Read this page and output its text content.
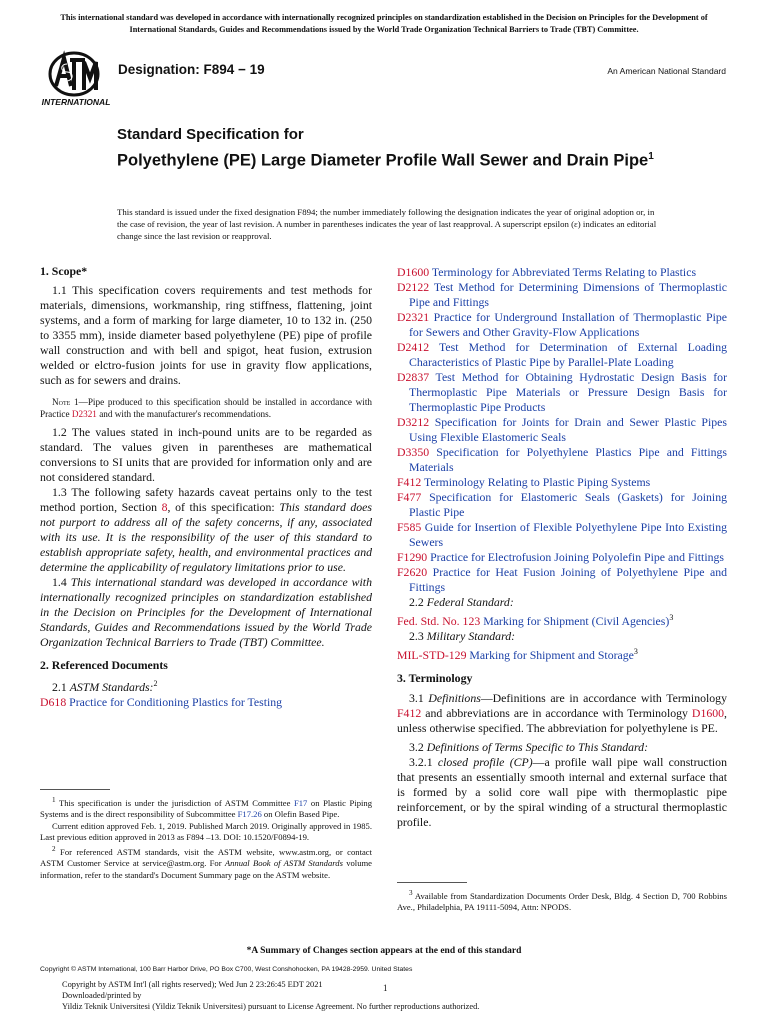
This international standard was developed in accordance with internationally recognized principles on standardization established in the Decision on Principles for the Development of International Standards, Guides and Recommendations issued by the World Trade Organization Technical Barriers to Trade (TBT) Committee.
INTERNATIONAL
Designation: F894 − 19	An American National Standard
Standard Specification for
Polyethylene (PE) Large Diameter Profile Wall Sewer and Drain Pipe$^1$
This standard is issued under the fixed designation F894; the number immediately following the designation indicates the year of original adoption or, in the case of revision, the year of last revision. A number in parentheses indicates the year of last reapproval. A superscript epsilon (ε) indicates an editorial change since the last revision or reapproval.

1. Scope*

1.1 This specification covers requirements and test methods for materials, dimensions, workmanship, ring stiffness, flattening, joint systems, and a form of marking for large diameter, 10 to 132 in. (250 to 3355 mm), inside diameter based polyethylene (PE) pipe of profile wall construction and with bell and spigot, heat fusion, extrusion welded or elctro-fusion joints for use in gravity flow applications, such as for sewers and drains.

Note 1—Pipe produced to this specification should be installed in accordance with Practice D2321 and with the manufacturer's recommendations.

1.2 The values stated in inch-pound units are to be regarded as standard. The values given in parentheses are mathematical conversions to SI units that are provided for information only and are not considered standard.

1.3 The following safety hazards caveat pertains only to the test method portion, Section 8, of this specification: This standard does not purport to address all of the safety concerns, if any, associated with its use. It is the responsibility of the user of this standard to establish appropriate safety, health, and environmental practices and determine the applicability of regulatory limitations prior to use.

1.4 This international standard was developed in accordance with internationally recognized principles on standardization established in the Decision on Principles for the Development of International Standards, Guides and Recommendations issued by the World Trade Organization Technical Barriers to Trade (TBT) Committee.

2. Referenced Documents

2.1 ASTM Standards:$^2$

D618 Practice for Conditioning Plastics for Testing

$^1$ This specification is under the jurisdiction of ASTM Committee F17 on Plastic Piping Systems and is the direct responsibility of Subcommittee F17.26 on Olefin Based Pipe.

Current edition approved Feb. 1, 2019. Published March 2019. Originally approved in 1985. Last previous edition approved in 2013 as F894 –13. DOI: 10.1520/F0894-19.

$^2$ For referenced ASTM standards, visit the ASTM website, www.astm.org, or contact ASTM Customer Service at service@astm.org. For Annual Book of ASTM Standards volume information, refer to the standard's Document Summary page on the ASTM website.

D1600 Terminology for Abbreviated Terms Relating to Plastics

D2122 Test Method for Determining Dimensions of Thermoplastic Pipe and Fittings

D2321 Practice for Underground Installation of Thermoplastic Pipe for Sewers and Other Gravity-Flow Applications

D2412 Test Method for Determination of External Loading Characteristics of Plastic Pipe by Parallel-Plate Loading

D2837 Test Method for Obtaining Hydrostatic Design Basis for Thermoplastic Pipe Materials or Pressure Design Basis for Thermoplastic Pipe Products

D3212 Specification for Joints for Drain and Sewer Plastic Pipes Using Flexible Elastomeric Seals

D3350 Specification for Polyethylene Plastics Pipe and Fittings Materials

F412 Terminology Relating to Plastic Piping Systems

F477 Specification for Elastomeric Seals (Gaskets) for Joining Plastic Pipe

F585 Guide for Insertion of Flexible Polyethylene Pipe Into Existing Sewers

F1290 Practice for Electrofusion Joining Polyolefin Pipe and Fittings

F2620 Practice for Heat Fusion Joining of Polyethylene Pipe and Fittings

2.2 Federal Standard:

Fed. Std. No. 123 Marking for Shipment (Civil Agencies)$^3$

2.3 Military Standard:

MIL-STD-129 Marking for Shipment and Storage$^3$

3. Terminology

3.1 Definitions—Definitions are in accordance with Terminology F412 and abbreviations are in accordance with Terminology D1600, unless otherwise specified. The abbreviation for polyethylene is PE.

3.2 Definitions of Terms Specific to This Standard:

3.2.1 closed profile (CP)—a profile wall pipe wall construction that presents an essentially smooth internal and external surface that is formed by a solid core wall pipe with thermoplastic pipe reinforcement, or by the spiral winding of a structural thermoplastic profile.

$^3$ Available from Standardization Documents Order Desk, Bldg. 4 Section D, 700 Robbins Ave., Philadelphia, PA 19111-5094, Attn: NPODS.

*A Summary of Changes section appears at the end of this standard
Copyright © ASTM International, 100 Barr Harbor Drive, PO Box C700, West Conshohocken, PA 19428-2959. United States
Copyright by ASTM Int'l (all rights reserved); Wed Jun 2 23:26:45 EDT 2021
Downloaded/printed by
Yildiz Teknik Universitesi (Yildiz Teknik Universitesi) pursuant to License Agreement. No further reproductions authorized.
1
